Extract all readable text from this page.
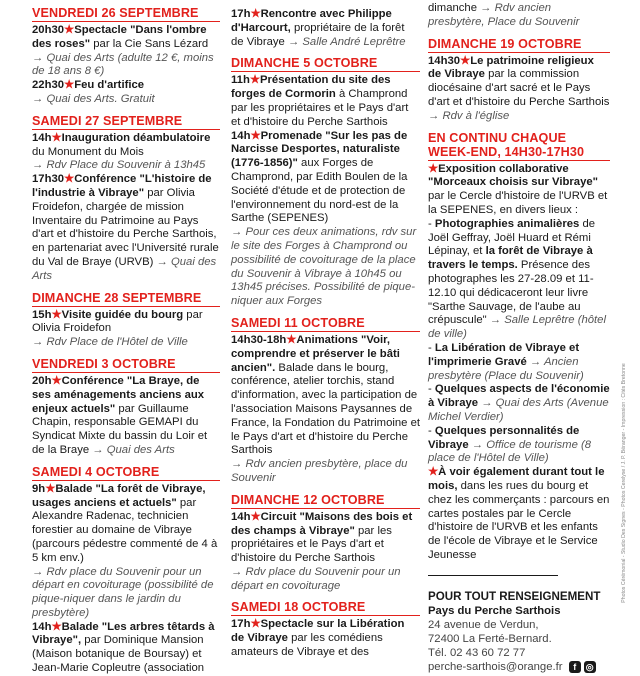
VENDREDI 26 SEPTEMBRE
20h30★Spectacle "Dans l'ombre des roses" par la Cie Sans Lézard
→ Quai des Arts (adulte 12 €, moins de 18 ans 8 €)
22h30★Feu d'artifice
→ Quai des Arts. Gratuit
SAMEDI 27 SEPTEMBRE
14h★Inauguration déambulatoire du Monument du Mois
→ Rdv Place du Souvenir à 13h45
17h30★Conférence "L'histoire de l'industrie à Vibraye" par Olivia Froidefon, chargée de mission Inventaire du Patrimoine au Pays d'art et d'histoire du Perche Sarthois, en partenariat avec l'Université rurale du Val de Braye (URVB) → Quai des Arts
DIMANCHE 28 SEPTEMBRE
15h★Visite guidée du bourg par Olivia Froidefon
→ Rdv Place de l'Hôtel de Ville
VENDREDI 3 OCTOBRE
20h★Conférence "La Braye, de ses aménagements anciens aux enjeux actuels" par Guillaume Chapin, responsable GEMAPI du Syndicat Mixte du bassin du Loir et de la Braye → Quai des Arts
SAMEDI 4 OCTOBRE
9h★Balade "La forêt de Vibraye, usages anciens et actuels" par Alexandre Radenac, technicien forestier au domaine de Vibraye (parcours pédestre commenté de 4 à 5 km env.)
→ Rdv place du Souvenir pour un départ en covoiturage (possibilité de pique-niquer dans le jardin du presbytère)
14h★Balade "Les arbres têtards à Vibraye", par Dominique Mansion (Maison botanique de Boursay) et Jean-Marie Copleutre (association
17h★Rencontre avec Philippe d'Harcourt, propriétaire de la forêt de Vibraye → Salle André Leprêtre
DIMANCHE 5 OCTOBRE
11h★Présentation du site des forges de Cormorin à Champrond par les propriétaires et le Pays d'art et d'histoire du Perche Sarthois
14h★Promenade "Sur les pas de Narcisse Desportes, naturaliste (1776-1856)" aux Forges de Champrond, par Edith Boulen de la Société d'étude et de protection de l'environnement du nord-est de la Sarthe (SEPENES)
→ Pour ces deux animations, rdv sur le site des Forges à Champrond ou possibilité de covoiturage de la place du Souvenir à Vibraye à 10h45 ou 13h45 précises. Possibilité de pique-niquer aux Forges
SAMEDI 11 OCTOBRE
14h30-18h★Animations "Voir, comprendre et préserver le bâti ancien". Balade dans le bourg, conférence, atelier torchis, stand d'information, avec la participation de l'association Maisons Paysannes de France, la Fondation du Patrimoine et le Pays d'art et d'histoire du Perche Sarthois
→ Rdv ancien presbytère, place du Souvenir
DIMANCHE 12 OCTOBRE
14h★Circuit "Maisons des bois et des champs à Vibraye" par les propriétaires et le Pays d'art et d'histoire du Perche Sarthois
→ Rdv place du Souvenir pour un départ en covoiturage
SAMEDI 18 OCTOBRE
17h★Spectacle sur la Libération de Vibraye par les comédiens amateurs de Vibraye et des
dimanche → Rdv ancien presbytère, Place du Souvenir
DIMANCHE 19 OCTOBRE
14h30★Le patrimoine religieux de Vibraye par la commission diocésaine d'art sacré et le Pays d'art et d'histoire du Perche Sarthois
→ Rdv à l'église
EN CONTINU CHAQUE WEEK-END, 14H30-17H30
★Exposition collaborative "Morceaux choisis sur Vibraye" par le Cercle d'histoire de l'URVB et la SEPENES, en divers lieux :
- Photographies animalières de Joël Geffray, Joël Huard et Rémi Lépinay, et la forêt de Vibraye à travers le temps. Présence des photographes les 27-28.09 et 11-12.10 qui dédicaceront leur livre "Sarthe Sauvage, de l'aube au crépuscule" → Salle Leprêtre (hôtel de ville)
- La Libération de Vibraye et l'imprimerie Gravé → Ancien presbytère (Place du Souvenir)
- Quelques aspects de l'économie à Vibraye → Quai des Arts (Avenue Michel Verdier)
- Quelques personnalités de Vibraye → Office de tourisme (8 place de l'Hôtel de Ville)
★À voir également durant tout le mois, dans les rues du bourg et chez les commerçants : parcours en cartes postales par le Cercle d'histoire de l'URVB et les enfants de l'école de Vibraye et le Service Jeunesse
POUR TOUT RENSEIGNEMENT
Pays du Perche Sarthois
24 avenue de Verdun,
72400 La Ferté-Bernard.
Tél. 02 43 60 72 77
perche-sarthois@orange.fr	f	◎
Photos Cérémonial - Studio Des Signes - Photos Cerelyse / J. P. Béranger - Impression : Cités Bretonne
